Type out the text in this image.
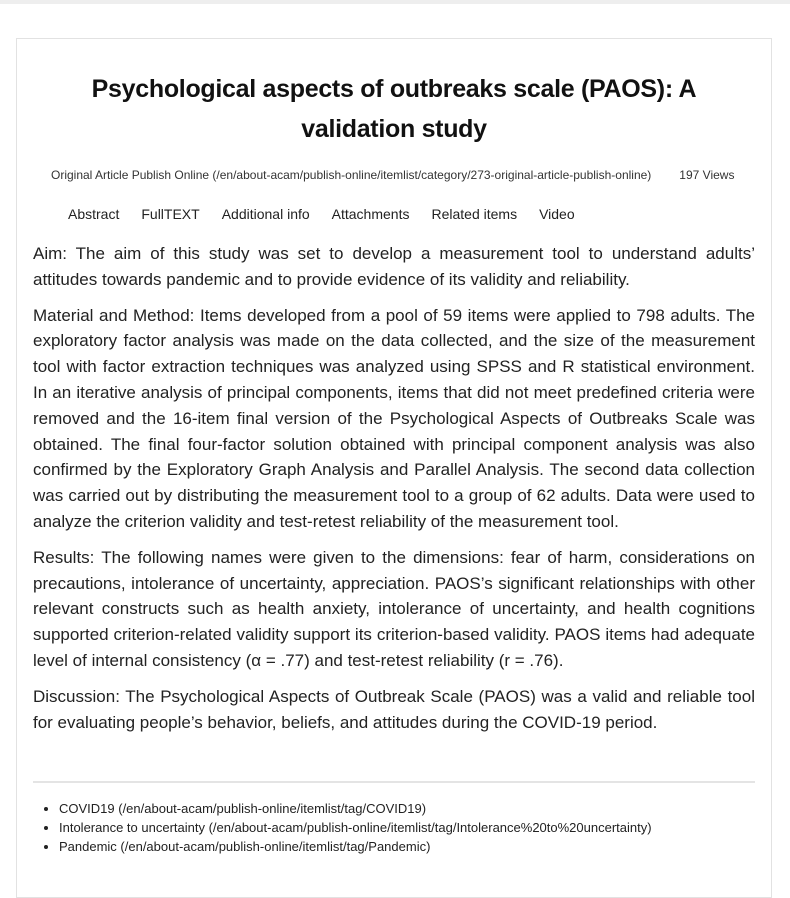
Psychological aspects of outbreaks scale (PAOS): A validation study
Original Article Publish Online (/en/about-acam/publish-online/itemlist/category/273-original-article-publish-online) 197 Views
Abstract FullTEXT Additional info Attachments Related items Video

Aim: The aim of this study was set to develop a measurement tool to understand adults’ attitudes towards pandemic and to provide evidence of its validity and reliability.

Material and Method: Items developed from a pool of 59 items were applied to 798 adults. The exploratory factor analysis was made on the data collected, and the size of the measurement tool with factor extraction techniques was analyzed using SPSS and R statistical environment. In an iterative analysis of principal components, items that did not meet predefined criteria were removed and the 16-item final version of the Psychological Aspects of Outbreaks Scale was obtained. The final four-factor solution obtained with principal component analysis was also confirmed by the Exploratory Graph Analysis and Parallel Analysis. The second data collection was carried out by distributing the measurement tool to a group of 62 adults. Data were used to analyze the criterion validity and test-retest reliability of the measurement tool.

Results: The following names were given to the dimensions: fear of harm, considerations on precautions, intolerance of uncertainty, appreciation. PAOS’s significant relationships with other relevant constructs such as health anxiety, intolerance of uncertainty, and health cognitions supported criterion-related validity support its criterion-based validity. PAOS items had adequate level of internal consistency (α = .77) and test-retest reliability (r = .76).

Discussion: The Psychological Aspects of Outbreak Scale (PAOS) was a valid and reliable tool for evaluating people’s behavior, beliefs, and attitudes during the COVID-19 period.

• COVID19 (/en/about-acam/publish-online/itemlist/tag/COVID19)
• Intolerance to uncertainty (/en/about-acam/publish-online/itemlist/tag/Intolerance%20to%20uncertainty)
• Pandemic (/en/about-acam/publish-online/itemlist/tag/Pandemic)
